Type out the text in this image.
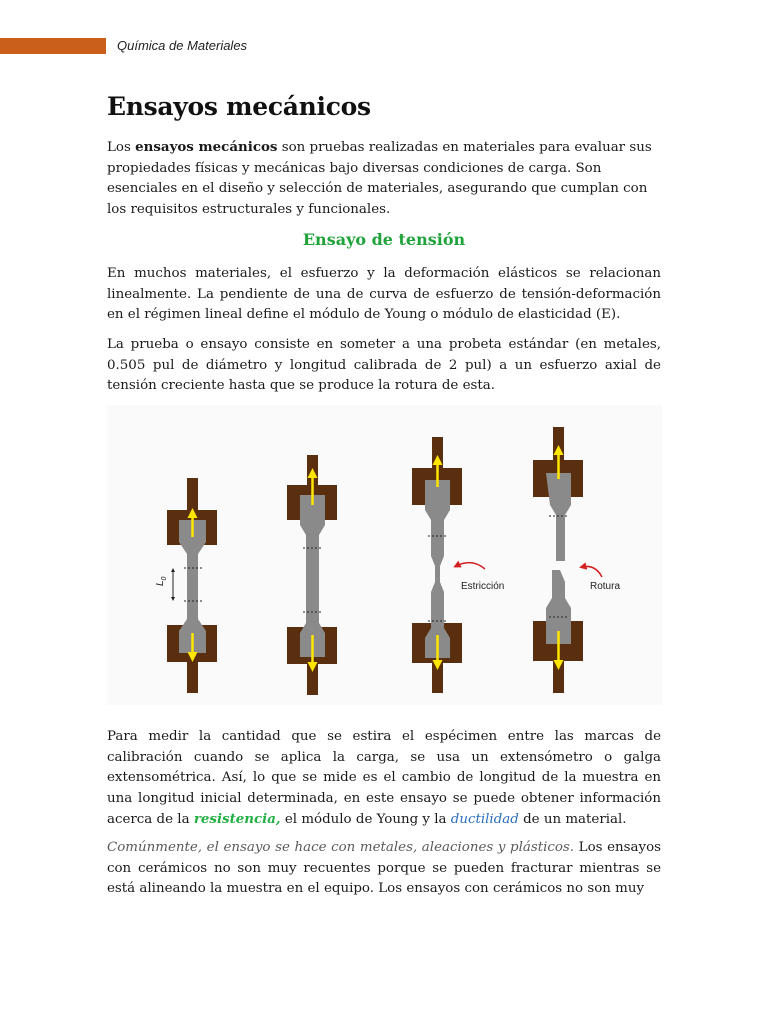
Química de Materiales
Ensayos mecánicos

Los ensayos mecánicos son pruebas realizadas en materiales para evaluar sus propiedades físicas y mecánicas bajo diversas condiciones de carga. Son esenciales en el diseño y selección de materiales, asegurando que cumplan con los requisitos estructurales y funcionales.

Ensayo de tensión

En muchos materiales, el esfuerzo y la deformación elásticos se relacionan linealmente. La pendiente de una de curva de esfuerzo de tensión-deformación en el régimen lineal define el módulo de Young o módulo de elasticidad (E).

La prueba o ensayo consiste en someter a una probeta estándar (en metales, 0.505 pul de diámetro y longitud calibrada de 2 pul) a un esfuerzo axial de tensión creciente hasta que se produce la rotura de esta.

$L_0$
Estricción	Rotura

Para medir la cantidad que se estira el espécimen entre las marcas de calibración cuando se aplica la carga, se usa un extensómetro o galga extensométrica. Así, lo que se mide es el cambio de longitud de la muestra en una longitud inicial determinada, en este ensayo se puede obtener información acerca de la resistencia, el módulo de Young y la ductilidad de un material.

Comúnmente, el ensayo se hace con metales, aleaciones y plásticos. Los ensayos con cerámicos no son muy recuentes porque se pueden fracturar mientras se está alineando la muestra en el equipo. Los ensayos con cerámicos no son muy
